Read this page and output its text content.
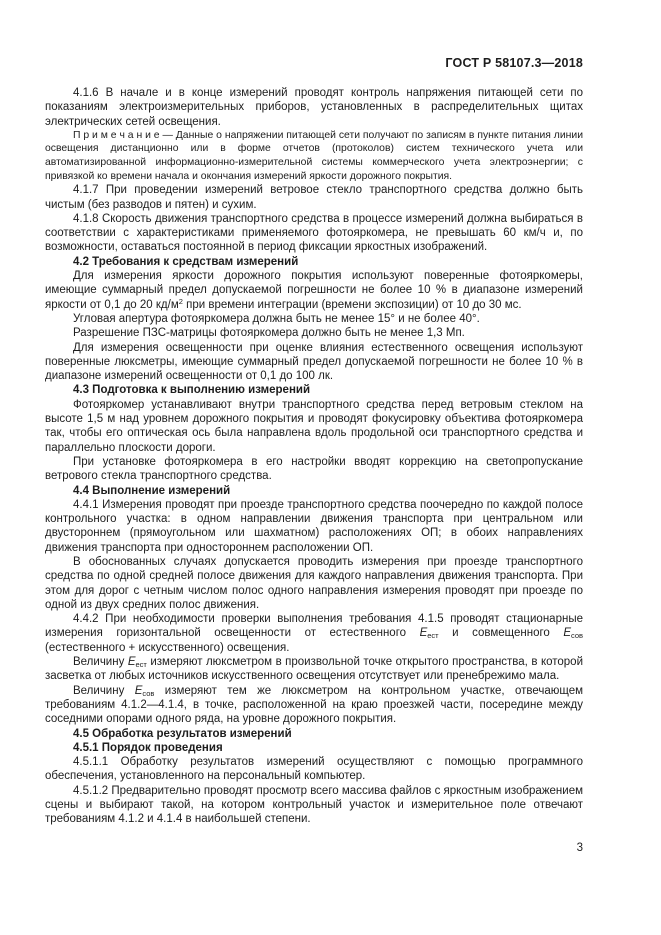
ГОСТ Р 58107.3—2018

4.1.6 В начале и в конце измерений проводят контроль напряжения питающей сети по показаниям электроизмерительных приборов, установленных в распределительных щитах электрических сетей освещения.

П р и м е ч а н и е — Данные о напряжении питающей сети получают по записям в пункте питания линии освещения дистанционно или в форме отчетов (протоколов) систем технического учета или автоматизированной информационно-измерительной системы коммерческого учета электроэнергии; с привязкой ко времени начала и окончания измерений яркости дорожного покрытия.

4.1.7 При проведении измерений ветровое стекло транспортного средства должно быть чистым (без разводов и пятен) и сухим.

4.1.8 Скорость движения транспортного средства в процессе измерений должна выбираться в соответствии с характеристиками применяемого фотояркомера, не превышать 60 км/ч и, по возможности, оставаться постоянной в период фиксации яркостных изображений.

4.2 Требования к средствам измерений

Для измерения яркости дорожного покрытия используют поверенные фотояркомеры, имеющие суммарный предел допускаемой погрешности не более 10 % в диапазоне измерений яркости от 0,1 до 20 $кд/м^2$ при времени интеграции (времени экспозиции) от 10 до 30 мс.

Угловая апертура фотояркомера должна быть не менее 15° и не более 40°.

Разрешение ПЗС-матрицы фотояркомера должно быть не менее 1,3 Мп.

Для измерения освещенности при оценке влияния естественного освещения используют поверенные люксметры, имеющие суммарный предел допускаемой погрешности не более 10 % в диапазоне измерений освещенности от 0,1 до 100 лк.

4.3 Подготовка к выполнению измерений

Фотояркомер устанавливают внутри транспортного средства перед ветровым стеклом на высоте 1,5 м над уровнем дорожного покрытия и проводят фокусировку объектива фотояркомера так, чтобы его оптическая ось была направлена вдоль продольной оси транспортного средства и параллельно плоскости дороги.

При установке фотояркомера в его настройки вводят коррекцию на светопропускание ветрового стекла транспортного средства.

4.4 Выполнение измерений

4.4.1 Измерения проводят при проезде транспортного средства поочередно по каждой полосе контрольного участка: в одном направлении движения транспорта при центральном или двустороннем (прямоугольном или шахматном) расположениях ОП; в обоих направлениях движения транспорта при одностороннем расположении ОП.

В обоснованных случаях допускается проводить измерения при проезде транспортного средства по одной средней полосе движения для каждого направления движения транспорта. При этом для дорог с четным числом полос одного направления измерения проводят при проезде по одной из двух средних полос движения.

4.4.2 При необходимости проверки выполнения требования 4.1.5 проводят стационарные измерения горизонтальной освещенности от естественного $E_{ест}$ и совмещенного $E_{сов}$ (естественного + искусственного) освещения.

Величину $E_{ест}$ измеряют люксметром в произвольной точке открытого пространства, в которой засветка от любых источников искусственного освещения отсутствует или пренебрежимо мала.

Величину $E_{сов}$ измеряют тем же люксметром на контрольном участке, отвечающем требованиям 4.1.2—4.1.4, в точке, расположенной на краю проезжей части, посередине между соседними опорами одного ряда, на уровне дорожного покрытия.

4.5 Обработка результатов измерений

4.5.1 Порядок проведения

4.5.1.1 Обработку результатов измерений осуществляют с помощью программного обеспечения, установленного на персональный компьютер.

4.5.1.2 Предварительно проводят просмотр всего массива файлов с яркостным изображением сцены и выбирают такой, на котором контрольный участок и измерительное поле отвечают требованиям 4.1.2 и 4.1.4 в наибольшей степени.

3
